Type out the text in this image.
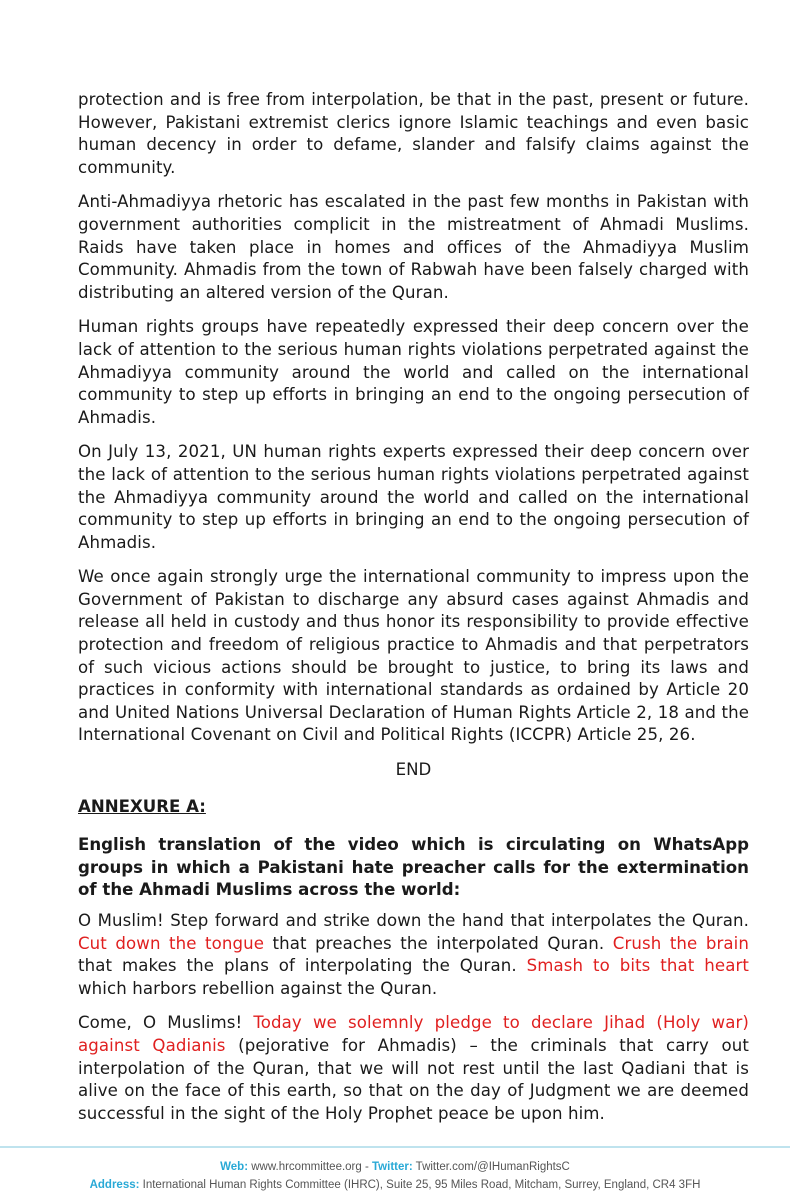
protection and is free from interpolation, be that in the past, present or future. However, Pakistani extremist clerics ignore Islamic teachings and even basic human decency in order to defame, slander and falsify claims against the community.

Anti-Ahmadiyya rhetoric has escalated in the past few months in Pakistan with government authorities complicit in the mistreatment of Ahmadi Muslims. Raids have taken place in homes and offices of the Ahmadiyya Muslim Community. Ahmadis from the town of Rabwah have been falsely charged with distributing an altered version of the Quran.

Human rights groups have repeatedly expressed their deep concern over the lack of attention to the serious human rights violations perpetrated against the Ahmadiyya community around the world and called on the international community to step up efforts in bringing an end to the ongoing persecution of Ahmadis.

On July 13, 2021, UN human rights experts expressed their deep concern over the lack of attention to the serious human rights violations perpetrated against the Ahmadiyya community around the world and called on the international community to step up efforts in bringing an end to the ongoing persecution of Ahmadis.

We once again strongly urge the international community to impress upon the Government of Pakistan to discharge any absurd cases against Ahmadis and release all held in custody and thus honor its responsibility to provide effective protection and freedom of religious practice to Ahmadis and that perpetrators of such vicious actions should be brought to justice, to bring its laws and practices in conformity with international standards as ordained by Article 20 and United Nations Universal Declaration of Human Rights Article 2, 18 and the International Covenant on Civil and Political Rights (ICCPR) Article 25, 26.

END
ANNEXURE A:

English translation of the video which is circulating on WhatsApp groups in which a Pakistani hate preacher calls for the extermination of the Ahmadi Muslims across the world:

O Muslim! Step forward and strike down the hand that interpolates the Quran. Cut down the tongue that preaches the interpolated Quran. Crush the brain that makes the plans of interpolating the Quran. Smash to bits that heart which harbors rebellion against the Quran.

Come, O Muslims! Today we solemnly pledge to declare Jihad (Holy war) against Qadianis (pejorative for Ahmadis) – the criminals that carry out interpolation of the Quran, that we will not rest until the last Qadiani that is alive on the face of this earth, so that on the day of Judgment we are deemed successful in the sight of the Holy Prophet peace be upon him.

Web: www.hrcommittee.org - Twitter: Twitter.com/@IHumanRightsC
Address: International Human Rights Committee (IHRC), Suite 25, 95 Miles Road, Mitcham, Surrey, England, CR4 3FH
